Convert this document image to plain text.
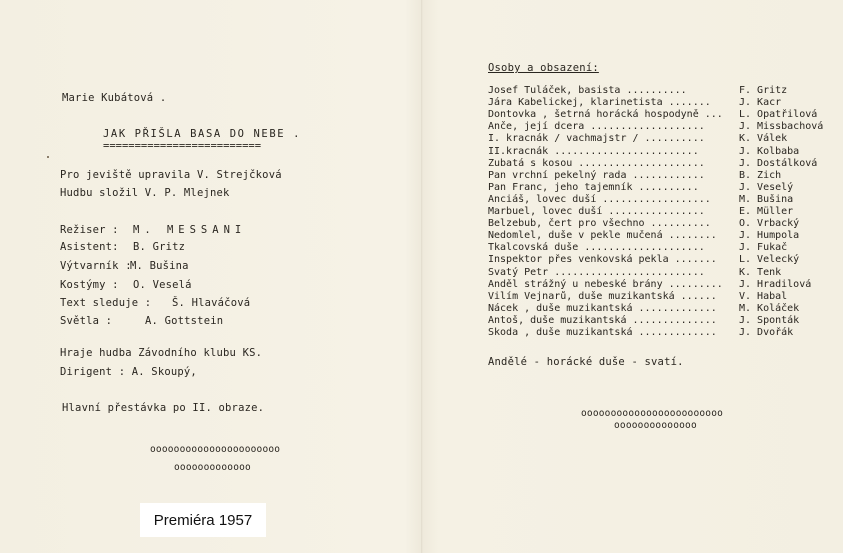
Marie Kubátová .
JAK PŘIŠLA BASA DO NEBE .
=========================
Pro jeviště upravila V. Strejčková
Hudbu složil V. P. Mlejnek
Režiser : M. MESSANI
Asistent: B. Gritz
Výtvarník :
M. Bušina
Kostýmy : O. Veselá
Text sleduje : Š. Hlaváčová
Světla :	A. Gottstein
Hraje hudba Závodního klubu KS.
Dirigent : A. Skoupý,
Hlavní přestávka po II. obraze.
oooooooooooooooooooooo
ooooooooooooo
Premiéra 1957
Osoby a obsazení:
Josef Tuláček, basista ..........	F. Gritz
Jára Kabelickej, klarinetista .......	J. Kacr
Dontovka , šetrná horácká hospodyně ... L. Opatřilová
Anče, její dcera ...................	J. Missbachová
I. kracnák / vachmajstr / ..........	K. Válek
II.kracnák ........................	J. Kolbaba
Zubatá s kosou .....................	J. Dostálková
Pan vrchní pekelný rada ............	B. Zich
Pan Franc, jeho tajemník ..........	J. Veselý
Anciáš, lovec duší ..................	M. Bušina
Marbuel, lovec duší ................	E. Müller
Belzebub, čert pro všechno ..........	O. Vrbacký
Nedomlel, duše v pekle mučená ........ J. Humpola
Tkalcovská duše ....................	J. Fukač
Inspektor přes venkovská pekla ....... L. Velecký
Svatý Petr .........................	K. Tenk
Anděl strážný u nebeské brány ......... J. Hradilová
Vilím Vejnarů, duše muzikantská ...... V. Habal
Nácek , duše muzikantská ............. M. Koláček
Antoš, duše muzikantská .............. J. Šponták
Škoda , duše muzikantská ............. J. Dvořák
Andělé - horácké duše - svatí.
oooooooooooooooooooooooo
oooooooooooooo
